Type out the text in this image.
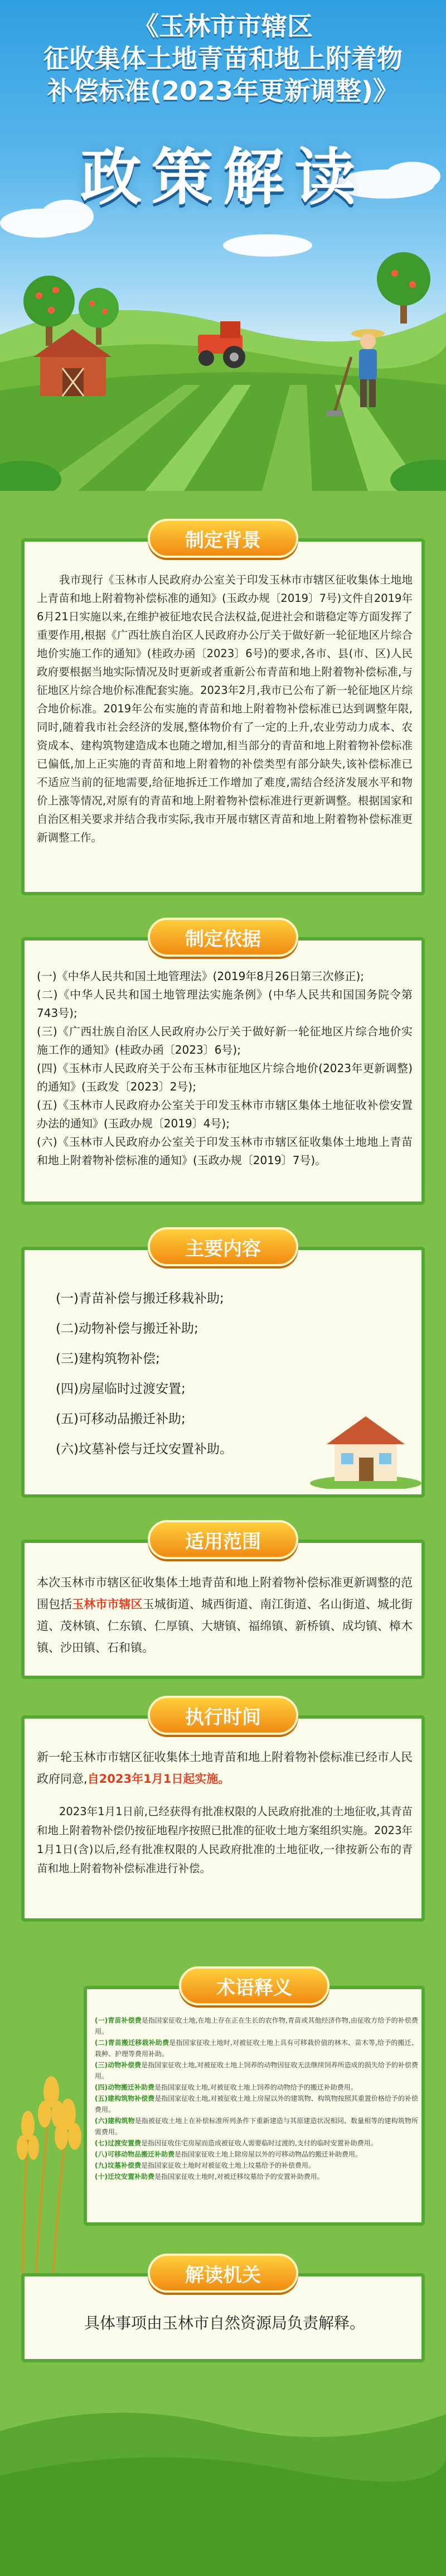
《玉林市市辖区
征收集体土地青苗和地上附着物
补偿标准(2023年更新调整)》
政策解读
我市现行《玉林市人民政府办公室关于印发玉林市市辖区征收集体土地地上青苗和地上附着物补偿标准的通知》(玉政办规〔2019〕7号)文件自2019年6月21日实施以来,在维护被征地农民合法权益,促进社会和谐稳定等方面发挥了重要作用,根据《广西壮族自治区人民政府办公厅关于做好新一轮征地区片综合地价实施工作的通知》(桂政办函〔2023〕6号)的要求,各市、县(市、区)人民政府要根据当地实际情况及时更新或者重新公布青苗和地上附着物补偿标准,与征地区片综合地价标准配套实施。2023年2月,我市已公布了新一轮征地区片综合地价标准。2019年公布实施的青苗和地上附着物补偿标准已达到调整年限,同时,随着我市社会经济的发展,整体物价有了一定的上升,农业劳动力成本、农资成本、建构筑物建造成本也随之增加,相当部分的青苗和地上附着物补偿标准已偏低,加上正实施的青苗和地上附着物的补偿类型有部分缺失,该补偿标准已不适应当前的征地需要,给征地拆迁工作增加了难度,需结合经济发展水平和物价上涨等情况,对原有的青苗和地上附着物补偿标准进行更新调整。根据国家和自治区相关要求并结合我市实际,我市开展市辖区青苗和地上附着物补偿标准更新调整工作。
制定背景
(一)《中华人民共和国土地管理法》(2019年8月26日第三次修正);
(二)《中华人民共和国土地管理法实施条例》(中华人民共和国国务院令第743号);
(三)《广西壮族自治区人民政府办公厅关于做好新一轮征地区片综合地价实施工作的通知》(桂政办函〔2023〕6号);
(四)《玉林市人民政府关于公布玉林市征地区片综合地价(2023年更新调整)的通知》(玉政发〔2023〕2号);
(五)《玉林市人民政府办公室关于印发玉林市市辖区集体土地征收补偿安置办法的通知》(玉政办规〔2019〕4号);
(六)《玉林市人民政府办公室关于印发玉林市市辖区征收集体土地地上青苗和地上附着物补偿标准的通知》(玉政办规〔2019〕7号)。
制定依据
(一)青苗补偿与搬迁移栽补助;
(二)动物补偿与搬迁补助;
(三)建构筑物补偿;
(四)房屋临时过渡安置;
(五)可移动品搬迁补助;
(六)坟墓补偿与迁坟安置补助。
主要内容
本次玉林市市辖区征收集体土地青苗和地上附着物补偿标准更新调整的范围包括玉林市市辖区玉城街道、城西街道、南江街道、名山街道、城北街道、茂林镇、仁东镇、仁厚镇、大塘镇、福绵镇、新桥镇、成均镇、樟木镇、沙田镇、石和镇。
适用范围
新一轮玉林市市辖区征收集体土地青苗和地上附着物补偿标准已经市人民政府同意,自2023年1月1日起实施。
2023年1月1日前,已经获得有批准权限的人民政府批准的土地征收,其青苗和地上附着物补偿仍按征地程序按照已批准的征收土地方案组织实施。2023年1月1日(含)以后,经有批准权限的人民政府批准的土地征收,一律按新公布的青苗和地上附着物补偿标准进行补偿。
执行时间
(一)青苗补偿费是指国家征收土地,在地上存在正在生长的农作物,青苗或其他经济作物,由征收方给予的补偿费用。
(二)青苗搬迁移栽补助费是指国家征收土地时,对被征收土地上具有可移栽价值的林木、苗木等,给予的搬迁、栽种、护理等费用补助。
(三)动物补偿费是指国家征收土地,对被征收土地上饲养的动物因征收无法继续饲养所造成的损失给予的补偿费用。
(四)动物搬迁补助费是指国家征收土地,对被征收土地上饲养的动物给予的搬迁补助费用。
(五)建构筑物补偿费是指国家征收土地,对被征收土地上房屋以外的建筑物、构筑物按照其重置价格给予的补偿费用。
(六)建构筑物是指被征收土地上在补偿标准所列条件下重新建造与其原建造状况相同、数量相等的建构筑物所需费用。
(七)过渡安置费是指因征收住宅房屋而造成被征收人需要临时过渡的,支付的临时安置补助费用。
(八)可移动物品搬迁补助费是指国家征收土地上除房屋以外的可移动物品的搬迁补助费用。
(九)坟墓补偿费是指国家征收土地时对被征收土地上坟墓给予的补偿费用。
(十)迁坟安置补助费是指国家征收土地时,对被迁移坟墓给予的安置补助费用。
术语释义
具体事项由玉林市自然资源局负责解释。
解读机关
